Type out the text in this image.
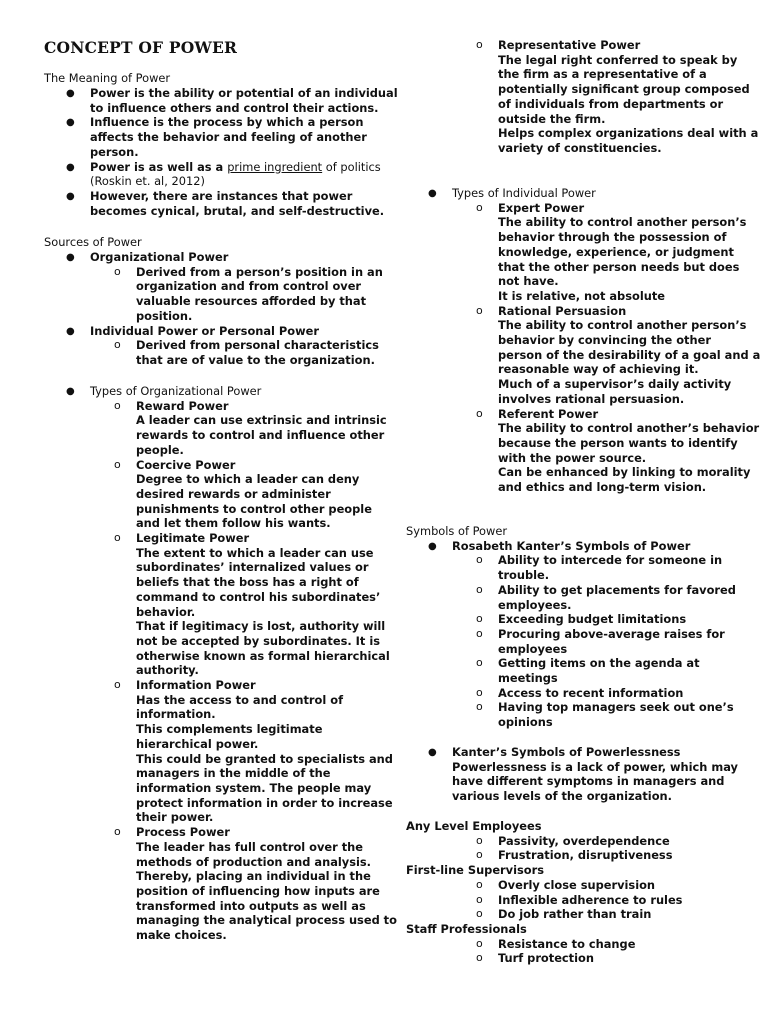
CONCEPT OF POWER
The Meaning of Power
● Power is the ability or potential of an individual
to influence others and control their actions.
● Influence is the process by which a person
affects the behavior and feeling of another
person.
● Power is as well as a prime ingredient of politics
(Roskin et. al, 2012)
● However, there are instances that power
becomes cynical, brutal, and self-destructive.
Sources of Power
● Organizational Power
o Derived from a person’s position in an
organization and from control over
valuable resources afforded by that
position.
● Individual Power or Personal Power
o Derived from personal characteristics
that are of value to the organization.
● Types of Organizational Power
o Reward Power
A leader can use extrinsic and intrinsic
rewards to control and influence other
people.
o Coercive Power
Degree to which a leader can deny
desired rewards or administer
punishments to control other people
and let them follow his wants.
o Legitimate Power
The extent to which a leader can use
subordinates’ internalized values or
beliefs that the boss has a right of
command to control his subordinates’
behavior.
That if legitimacy is lost, authority will
not be accepted by subordinates. It is
otherwise known as formal hierarchical
authority.
o Information Power
Has the access to and control of
information.
This complements legitimate
hierarchical power.
This could be granted to specialists and
managers in the middle of the
information system. The people may
protect information in order to increase
their power.
o Process Power
The leader has full control over the
methods of production and analysis.
Thereby, placing an individual in the
position of influencing how inputs are
transformed into outputs as well as
managing the analytical process used to
make choices.
o Representative Power
The legal right conferred to speak by
the firm as a representative of a
potentially significant group composed
of individuals from departments or
outside the firm.
Helps complex organizations deal with a
variety of constituencies.
● Types of Individual Power
o Expert Power
The ability to control another person’s
behavior through the possession of
knowledge, experience, or judgment
that the other person needs but does
not have.
It is relative, not absolute
o Rational Persuasion
The ability to control another person’s
behavior by convincing the other
person of the desirability of a goal and a
reasonable way of achieving it.
Much of a supervisor’s daily activity
involves rational persuasion.
o Referent Power
The ability to control another’s behavior
because the person wants to identify
with the power source.
Can be enhanced by linking to morality
and ethics and long-term vision.
Symbols of Power
● Rosabeth Kanter’s Symbols of Power
o Ability to intercede for someone in
trouble.
o Ability to get placements for favored
employees.
o Exceeding budget limitations
o Procuring above-average raises for
employees
o Getting items on the agenda at
meetings
o Access to recent information
o Having top managers seek out one’s
opinions
● Kanter’s Symbols of Powerlessness
Powerlessness is a lack of power, which may
have different symptoms in managers and
various levels of the organization.
Any Level Employees
o Passivity, overdependence
o Frustration, disruptiveness
First-line Supervisors
o Overly close supervision
o Inflexible adherence to rules
o Do job rather than train
Staff Professionals
o Resistance to change
o Turf protection
